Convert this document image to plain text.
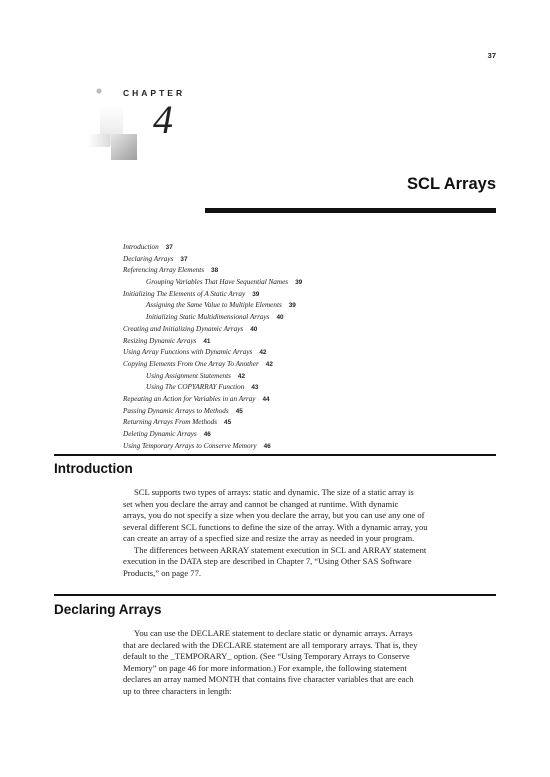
37
CHAPTER
4
SCL Arrays
Introduction 37
Declaring Arrays 37
Referencing Array Elements 38
Grouping Variables That Have Sequential Names 39
Initializing The Elements of A Static Array 39
Assigning the Same Value to Multiple Elements 39
Initializing Static Multidimensional Arrays 40
Creating and Initializing Dynamic Arrays 40
Resizing Dynamic Arrays 41
Using Array Functions with Dynamic Arrays 42
Copying Elements From One Array To Another 42
Using Assignment Statements 42
Using The COPYARRAY Function 43
Repeating an Action for Variables in an Array 44
Passing Dynamic Arrays to Methods 45
Returning Arrays From Methods 45
Deleting Dynamic Arrays 46
Using Temporary Arrays to Conserve Memory 46
Introduction

SCL supports two types of arrays: static and dynamic. The size of a static array is
set when you declare the array and cannot be changed at runtime. With dynamic
arrays, you do not specify a size when you declare the array, but you can use any one of
several different SCL functions to define the size of the array. With a dynamic array, you
can create an array of a specfied size and resize the array as needed in your program.

The differences between ARRAY statement execution in SCL and ARRAY statement
execution in the DATA step are described in Chapter 7, “Using Other SAS Software
Products,” on page 77.

Declaring Arrays

You can use the DECLARE statement to declare static or dynamic arrays. Arrays
that are declared with the DECLARE statement are all temporary arrays. That is, they
default to the _TEMPORARY_ option. (See “Using Temporary Arrays to Conserve
Memory” on page 46 for more information.) For example, the following statement
declares an array named MONTH that contains five character variables that are each
up to three characters in length:
